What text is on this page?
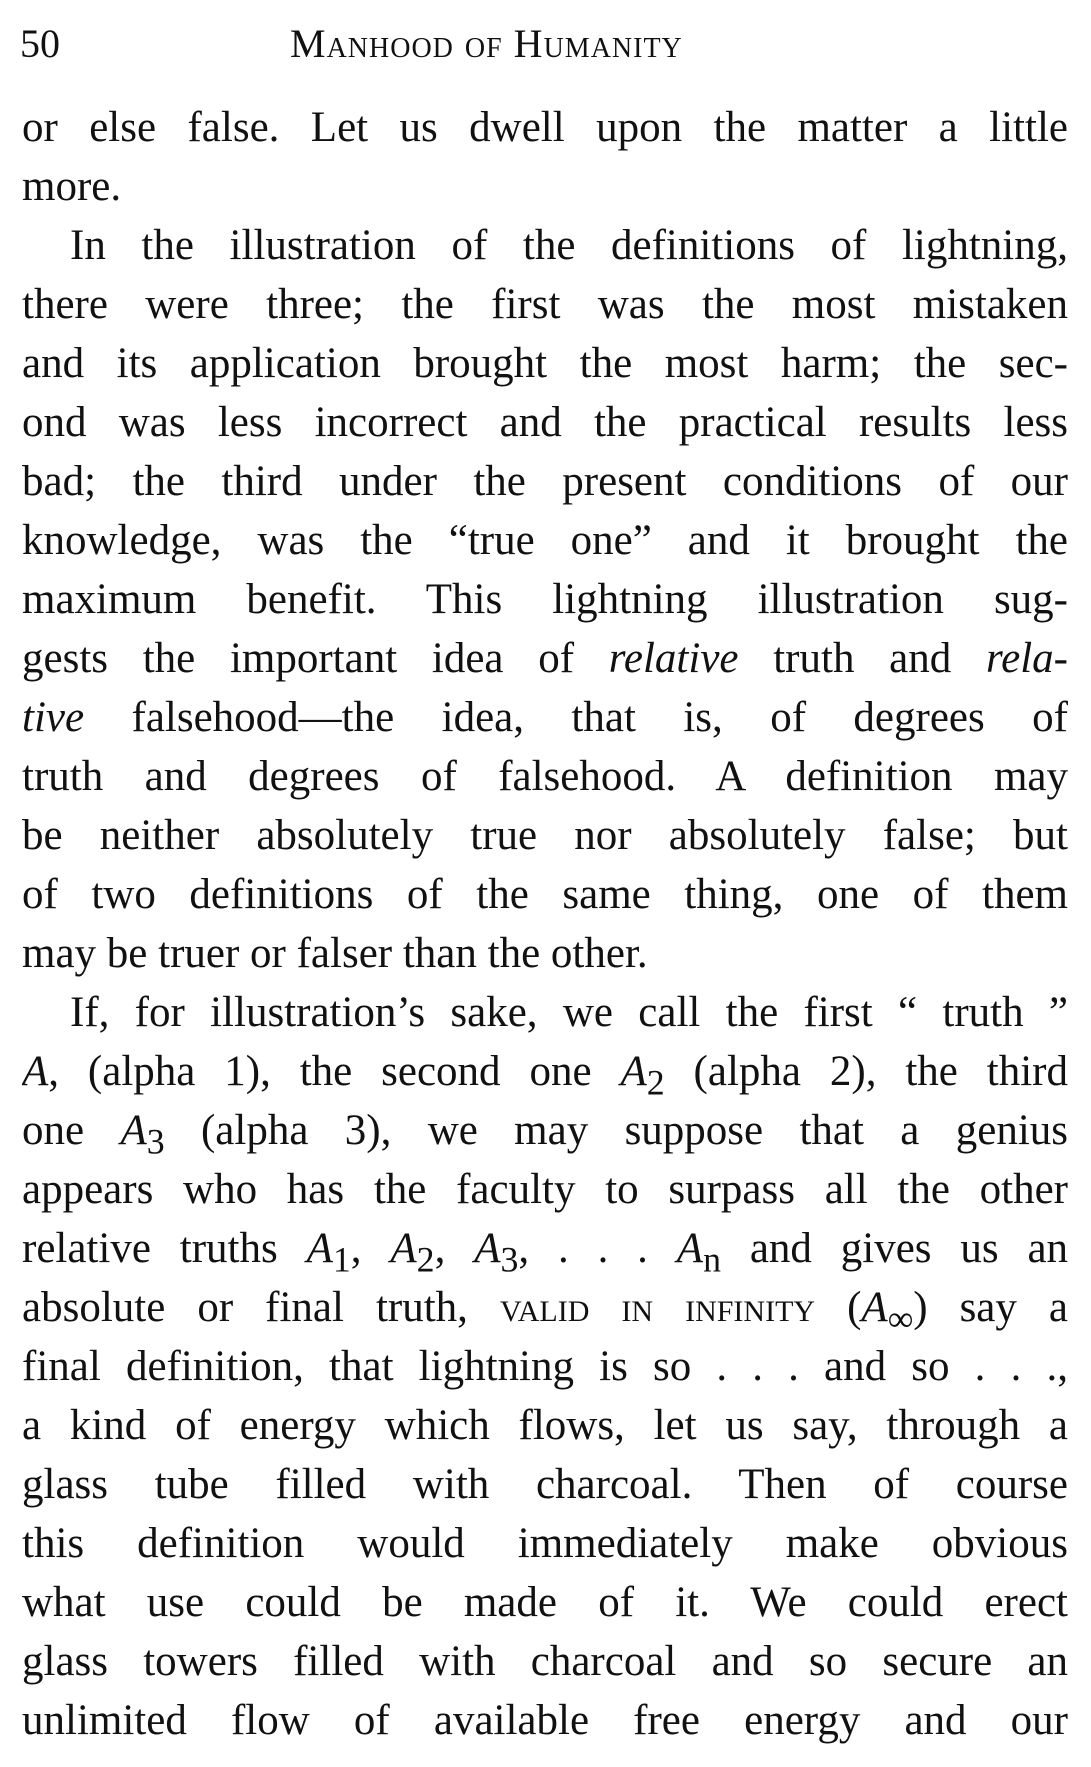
50	Manhood of Humanity
or else false. Let us dwell upon the matter a little
more.
In the illustration of the definitions of lightning,
there were three; the first was the most mistaken
and its application brought the most harm; the sec-
ond was less incorrect and the practical results less
bad; the third under the present conditions of our
knowledge, was the “true one” and it brought the
maximum benefit. This lightning illustration sug-
gests the important idea of relative truth and rela-
tive falsehood—the idea, that is, of degrees of
truth and degrees of falsehood. A definition may
be neither absolutely true nor absolutely false; but
of two definitions of the same thing, one of them
may be truer or falser than the other.
If, for illustration’s sake, we call the first “ truth ”
A, (alpha 1), the second one $A_2$ (alpha 2), the third
one $A_3$ (alpha 3), we may suppose that a genius
appears who has the faculty to surpass all the other
relative truths $A_1$, $A_2$, $A_3$, . . . $A_n$ and gives us an
absolute or final truth, valid in infinity $(A_\infty)$ say a
final definition, that lightning is so . . . and so . . .,
a kind of energy which flows, let us say, through a
glass tube filled with charcoal. Then of course
this definition would immediately make obvious
what use could be made of it. We could erect
glass towers filled with charcoal and so secure an
unlimited flow of available free energy and our
